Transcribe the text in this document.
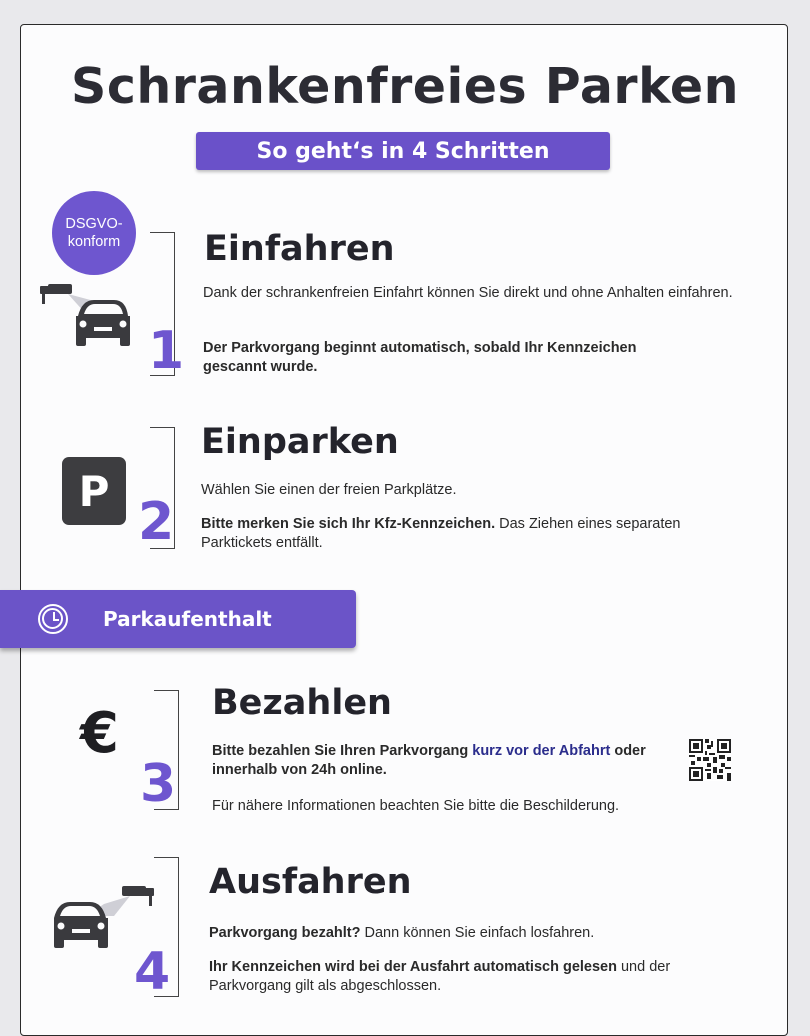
Schrankenfreies Parken
So geht‘s in 4 Schritten
DSGVO-
konform
1
Einfahren
Dank der schrankenfreien Einfahrt können Sie direkt und ohne Anhalten einfahren.
Der Parkvorgang beginnt automatisch, sobald Ihr Kennzeichen gescannt wurde.
P
2
Einparken
Wählen Sie einen der freien Parkplätze.
Bitte merken Sie sich Ihr Kfz-Kennzeichen. Das Ziehen eines separaten Parktickets entfällt.
Parkaufenthalt
€
3
Bezahlen
Bitte bezahlen Sie Ihren Parkvorgang kurz vor der Abfahrt oder innerhalb von 24h online.
Für nähere Informationen beachten Sie bitte die Beschilderung.
4
Ausfahren
Parkvorgang bezahlt? Dann können Sie einfach losfahren.
Ihr Kennzeichen wird bei der Ausfahrt automatisch gelesen und der Parkvorgang gilt als abgeschlossen.
